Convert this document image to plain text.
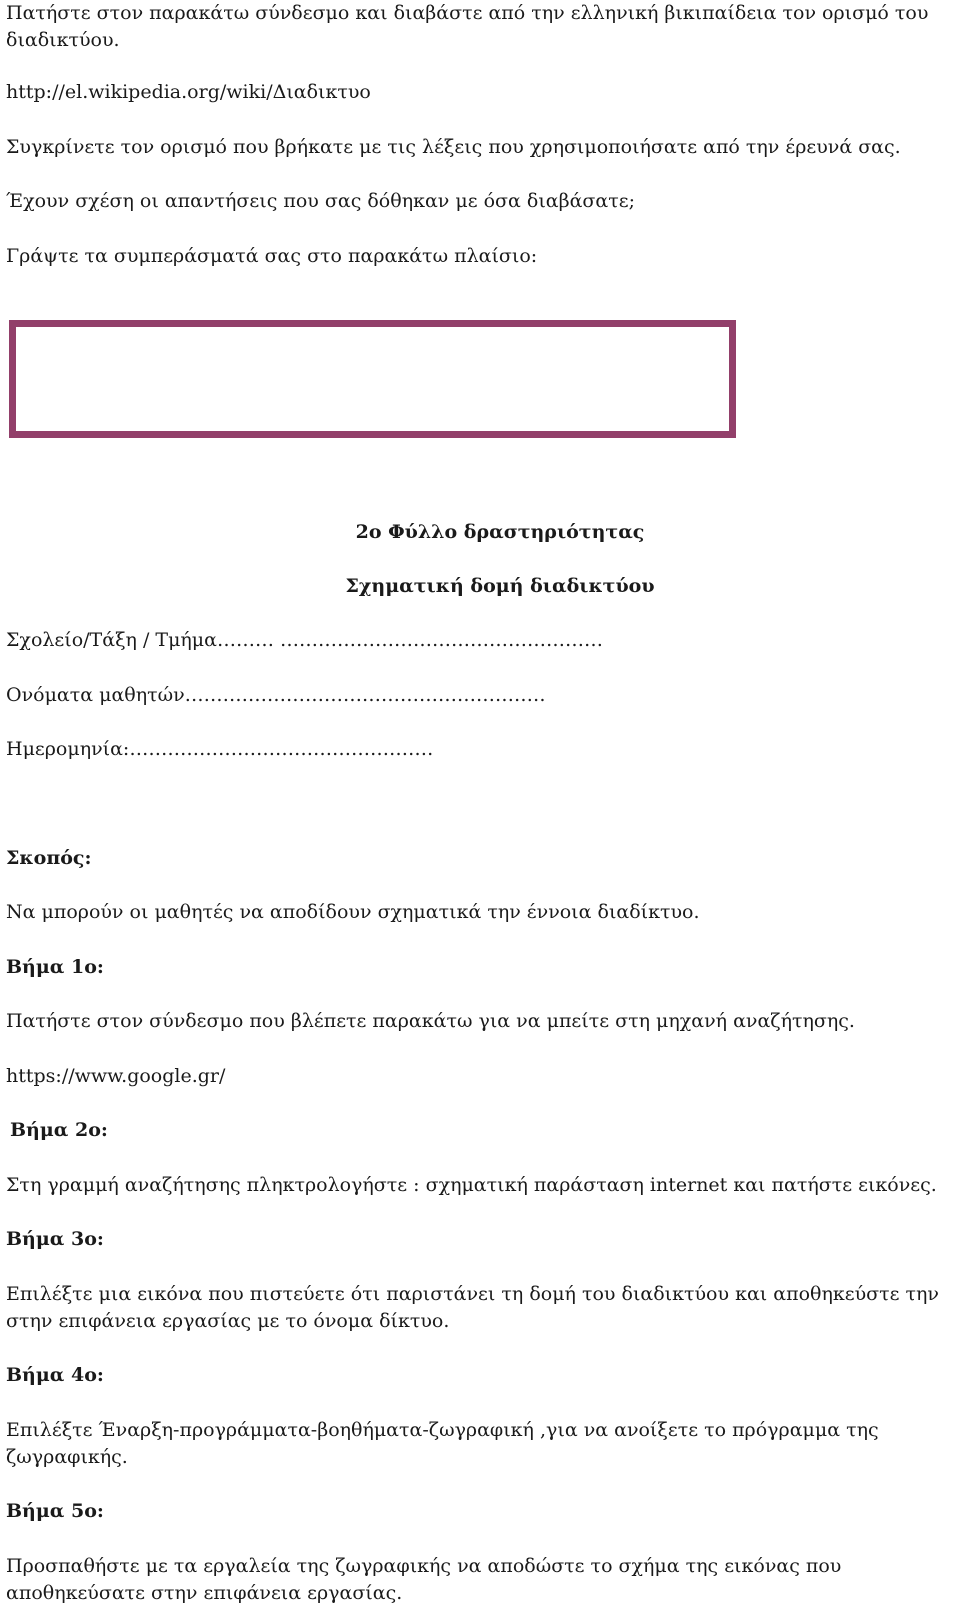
Πατήστε στον παρακάτω σύνδεσμο και διαβάστε από την ελληνική βικιπαίδεια τον ορισμό του διαδικτύου.

http://el.wikipedia.org/wiki/Διαδικτυο

Συγκρίνετε τον ορισμό που βρήκατε με τις λέξεις που χρησιμοποιήσατε από την έρευνά σας.

Έχουν σχέση οι απαντήσεις που σας δόθηκαν με όσα διαβάσατε;

Γράψτε τα συμπεράσματά σας στο παρακάτω πλαίσιο:

2ο Φύλλο δραστηριότητας

Σχηματική δομή διαδικτύου

Σχολείο/Τάξη / Τμήμα……… ……………………………………………

Ονόματα μαθητών…………………………………………………

Ημερομηνία:…………………………………………

Σκοπός:

Να μπορούν οι μαθητές να αποδίδουν σχηματικά την έννοια διαδίκτυο.

Βήμα 1ο:

Πατήστε στον σύνδεσμο που βλέπετε παρακάτω για να μπείτε στη μηχανή αναζήτησης.

https://www.google.gr/

Βήμα 2ο:

Στη γραμμή αναζήτησης πληκτρολογήστε : σχηματική παράσταση internet και πατήστε εικόνες.

Βήμα 3ο:

Επιλέξτε μια εικόνα που πιστεύετε ότι παριστάνει τη δομή του διαδικτύου και αποθηκεύστε την στην επιφάνεια εργασίας με το όνομα δίκτυο.

Βήμα 4ο:

Επιλέξτε Έναρξη-προγράμματα-βοηθήματα-ζωγραφική ,για να ανοίξετε το πρόγραμμα της ζωγραφικής.

Βήμα 5ο:

Προσπαθήστε με τα εργαλεία της ζωγραφικής να αποδώστε το σχήμα της εικόνας που αποθηκεύσατε στην επιφάνεια εργασίας.
